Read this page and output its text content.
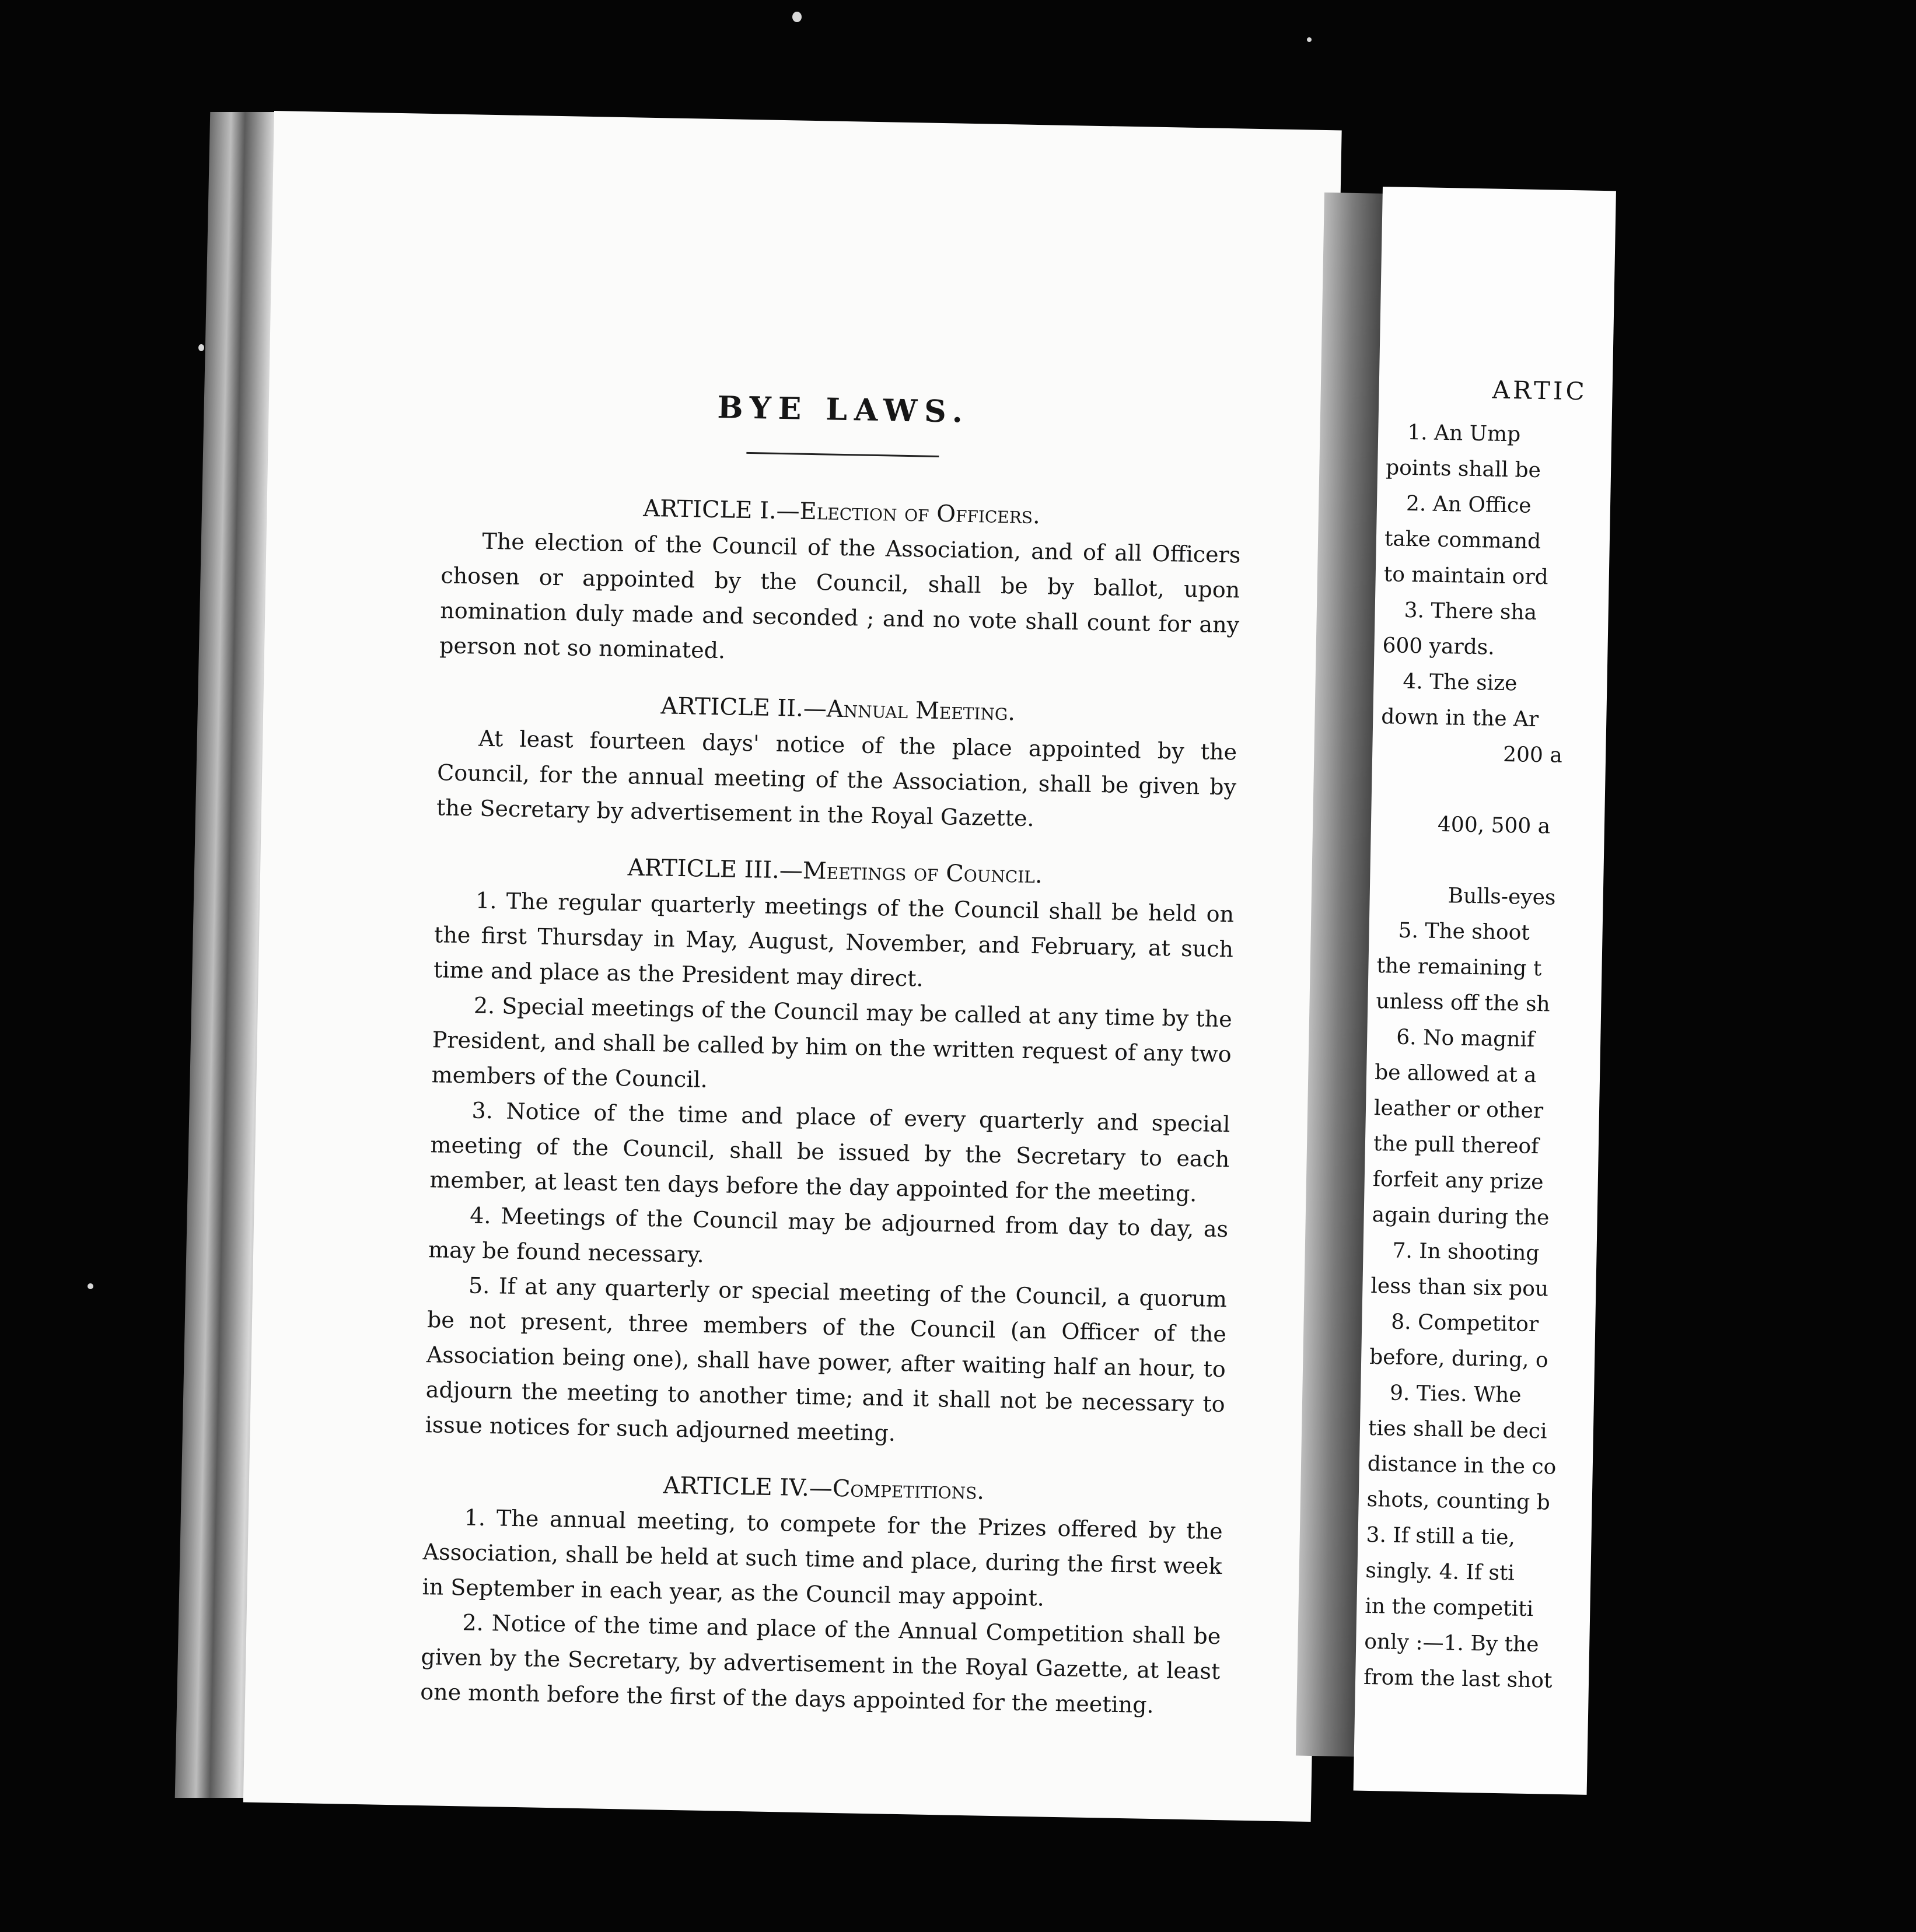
BYE LAWS.
ARTICLE I.—Election of Officers.

The election of the Council of the Association, and of all Officers chosen or appointed by the Council, shall be by ballot, upon nomination duly made and seconded ; and no vote shall count for any person not so nominated.

ARTICLE II.—Annual Meeting.

At least fourteen days' notice of the place appointed by the Council, for the annual meeting of the Association, shall be given by the Secretary by advertisement in the Royal Gazette.

ARTICLE III.—Meetings of Council.

1. The regular quarterly meetings of the Council shall be held on the first Thursday in May, August, November, and February, at such time and place as the President may direct.

2. Special meetings of the Council may be called at any time by the President, and shall be called by him on the written request of any two members of the Council.

3. Notice of the time and place of every quarterly and special meeting of the Council, shall be issued by the Secretary to each member, at least ten days before the day appointed for the meeting.

4. Meetings of the Council may be adjourned from day to day, as may be found necessary.

5. If at any quarterly or special meeting of the Council, a quorum be not present, three members of the Council (an Officer of the Association being one), shall have power, after waiting half an hour, to adjourn the meeting to another time; and it shall not be necessary to issue notices for such adjourned meeting.

ARTICLE IV.—Competitions.

1. The annual meeting, to compete for the Prizes offered by the Association, shall be held at such time and place, during the first week in September in each year, as the Council may appoint.

2. Notice of the time and place of the Annual Competition shall be given by the Secretary, by advertisement in the Royal Gazette, at least one month before the first of the days appointed for the meeting.

ARTIC
1. An Ump
points shall be
2. An Office
take command
to maintain ord
3. There sha
600 yards.
4. The size
down in the Ar
200 a
400, 500 a
Bulls-eyes
5. The shoot
the remaining t
unless off the sh
6. No magnif
be allowed at a
leather or other
the pull thereof
forfeit any prize
again during the
7. In shooting
less than six pou
8. Competitor
before, during, o
9. Ties. Whe
ties shall be deci
distance in the co
shots, counting b
3. If still a tie,
singly. 4. If sti
in the competiti
only :—1. By the
from the last shot
